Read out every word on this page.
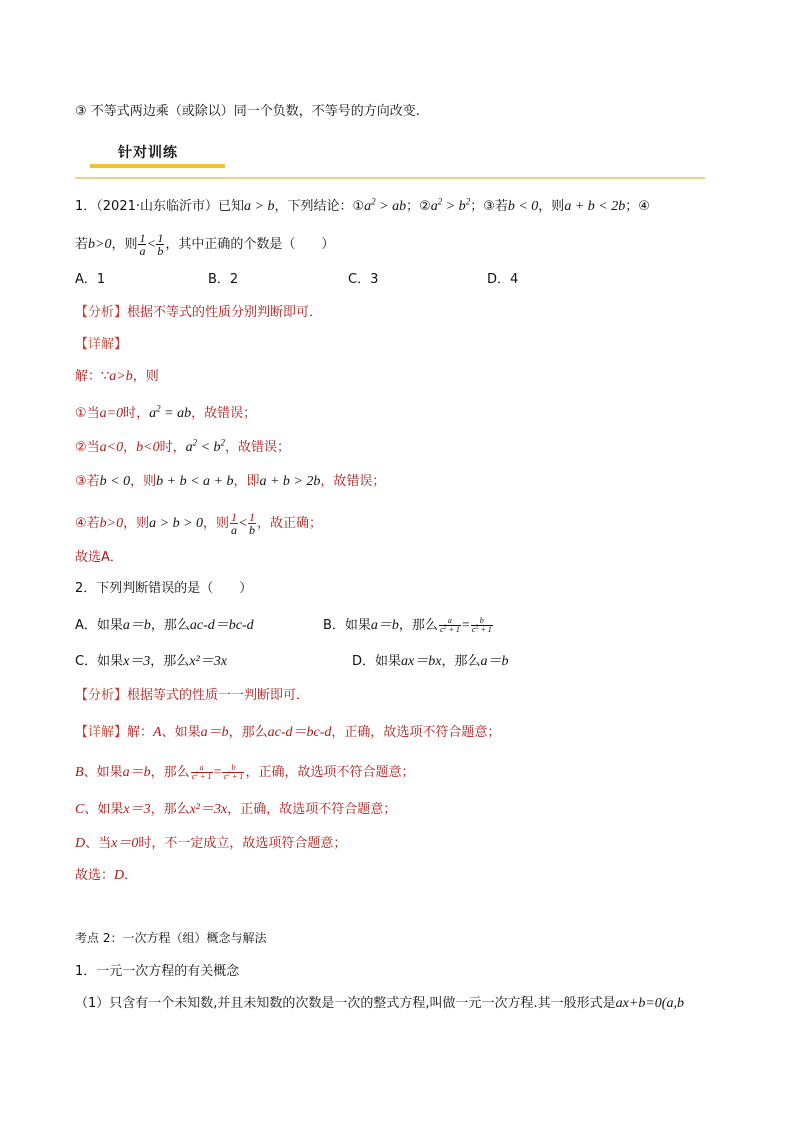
③ 不等式两边乘（或除以）同一个负数，不等号的方向改变.
针对训练
1．（2021·山东临沂市）已知a > b，下列结论：$①a^2$ > ab；$②a^2 > b^2$；③若b < 0，则a + b < 2b；④
若b>0，则 $\frac{1}{a} < \frac{1}{b}$ ，其中正确的个数是（　　）
A．1	B．2	C．3	D．4
【分析】根据不等式的性质分别判断即可．
【详解】
解：∵a>b，则
①当a=0时，$a^2$ = ab，故错误；
②当a<0，b<0时，$a^2 < b^2$，故错误；
③若b < 0，则b + b < a + b，即a + b > 2b，故错误；
④若b>0，则a > b > 0，则 $\frac{1}{a} < \frac{1}{b}$ ，故正确；
故选A．
2．下列判断错误的是（　　）
A．如果a＝b，那么ac-d＝bc-d	B．如果a＝b，那么 $\frac{a}{c^2 + 1} = \frac{b}{c^2 + 1}$
C．如果x＝3，那么x²＝3x	D．如果ax＝bx，那么a＝b
【分析】根据等式的性质一一判断即可．
【详解】解：A、如果a＝b，那么ac-d＝bc-d，正确，故选项不符合题意；
B、如果a＝b，那么 $\frac{a}{c^2 + 1} = \frac{b}{c^2 + 1}$ ，正确，故选项不符合题意；
C、如果x＝3，那么x²＝3x，正确，故选项不符合题意；
D、当x＝0时，不一定成立，故选项符合题意；
故选：D．
考点 2：一次方程（组）概念与解法
1．一元一次方程的有关概念
（1）只含有一个未知数,并且未知数的次数是一次的整式方程,叫做一元一次方程.其一般形式是ax+b=0(a,b
